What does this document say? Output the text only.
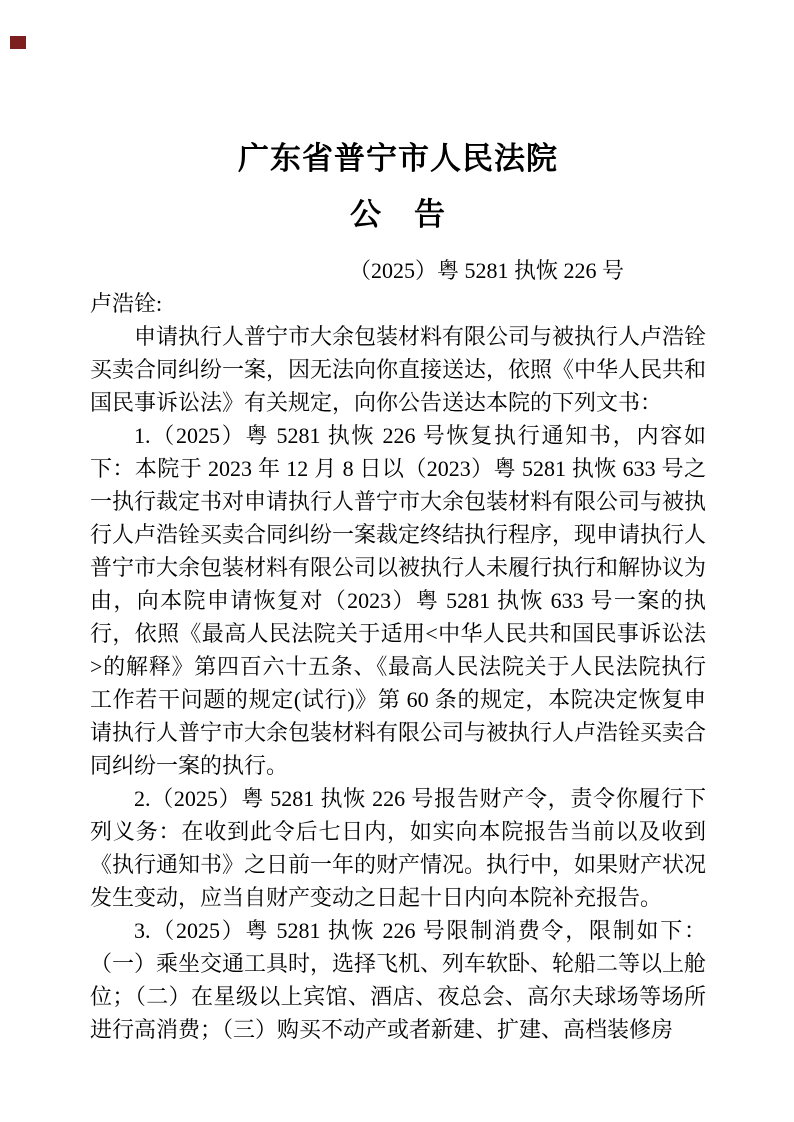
广东省普宁市人民法院
公　告
（2025）粤 5281 执恢 226 号
卢浩铨:

申请执行人普宁市大余包装材料有限公司与被执行人卢浩铨买卖合同纠纷一案，因无法向你直接送达，依照《中华人民共和国民事诉讼法》有关规定，向你公告送达本院的下列文书：

1.（2025）粤 5281 执恢 226 号恢复执行通知书，内容如下：本院于 2023 年 12 月 8 日以（2023）粤 5281 执恢 633 号之一执行裁定书对申请执行人普宁市大余包装材料有限公司与被执行人卢浩铨买卖合同纠纷一案裁定终结执行程序，现申请执行人普宁市大余包装材料有限公司以被执行人未履行执行和解协议为由，向本院申请恢复对（2023）粤 5281 执恢 633 号一案的执行，依照《最高人民法院关于适用<中华人民共和国民事诉讼法>的解释》第四百六十五条、《最高人民法院关于人民法院执行工作若干问题的规定(试行)》第 60 条的规定，本院决定恢复申请执行人普宁市大余包装材料有限公司与被执行人卢浩铨买卖合同纠纷一案的执行。

2.（2025）粤 5281 执恢 226 号报告财产令，责令你履行下列义务：在收到此令后七日内，如实向本院报告当前以及收到《执行通知书》之日前一年的财产情况。执行中，如果财产状况发生变动，应当自财产变动之日起十日内向本院补充报告。

3.（2025）粤 5281 执恢 226 号限制消费令，限制如下：（一）乘坐交通工具时，选择飞机、列车软卧、轮船二等以上舱位；（二）在星级以上宾馆、酒店、夜总会、高尔夫球场等场所进行高消费；（三）购买不动产或者新建、扩建、高档装修房
